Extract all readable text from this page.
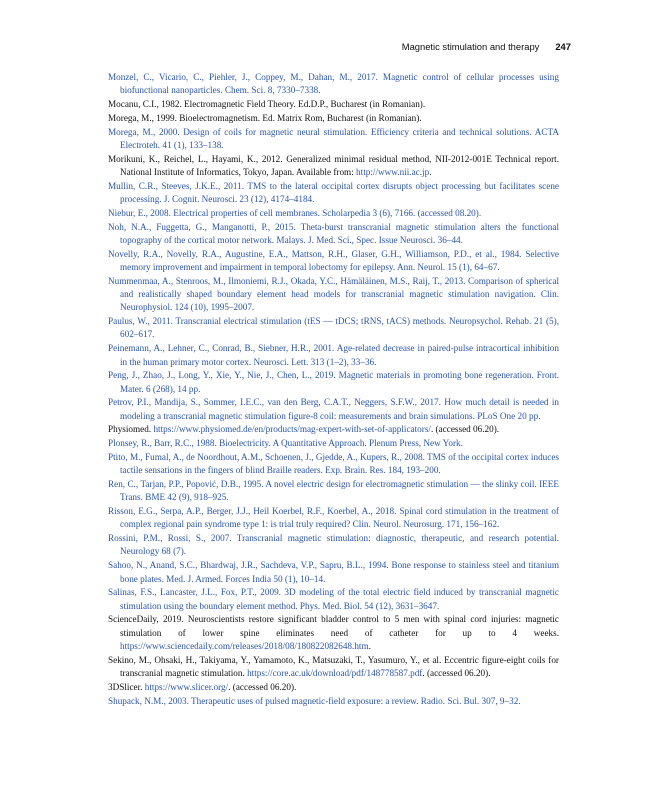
Magnetic stimulation and therapy 247

Monzel, C., Vicario, C., Piehler, J., Coppey, M., Dahan, M., 2017. Magnetic control of cellular processes using biofunctional nanoparticles. Chem. Sci. 8, 7330–7338.

Mocanu, C.I., 1982. Electromagnetic Field Theory. Ed.D.P., Bucharest (in Romanian).

Morega, M., 1999. Bioelectromagnetism. Ed. Matrix Rom, Bucharest (in Romanian).

Morega, M., 2000. Design of coils for magnetic neural stimulation. Efficiency criteria and technical solutions. ACTA Electroteh. 41 (1), 133–138.

Morikuni, K., Reichel, L., Hayami, K., 2012. Generalized minimal residual method, NII-2012-001E Technical report. National Institute of Informatics, Tokyo, Japan. Available from: http://www.nii.ac.jp.

Mullin, C.R., Steeves, J.K.E., 2011. TMS to the lateral occipital cortex disrupts object processing but facilitates scene processing. J. Cognit. Neurosci. 23 (12), 4174–4184.

Niebur, E., 2008. Electrical properties of cell membranes. Scholarpedia 3 (6), 7166. (accessed 08.20).

Noh, N.A., Fuggetta, G., Manganotti, P., 2015. Theta-burst transcranial magnetic stimulation alters the functional topography of the cortical motor network. Malays. J. Med. Sci., Spec. Issue Neurosci. 36–44.

Novelly, R.A., Novelly, R.A., Augustine, E.A., Mattson, R.H., Glaser, G.H., Williamson, P.D., et al., 1984. Selective memory improvement and impairment in temporal lobectomy for epilepsy. Ann. Neurol. 15 (1), 64–67.

Nummenmaa, A., Stenroos, M., Ilmoniemi, R.J., Okada, Y.C., Hämäläinen, M.S., Raij, T., 2013. Comparison of spherical and realistically shaped boundary element head models for transcranial magnetic stimulation navigation. Clin. Neurophysiol. 124 (10), 1995–2007.

Paulus, W., 2011. Transcranial electrical stimulation (tES — tDCS; tRNS, tACS) methods. Neuropsychol. Rehab. 21 (5), 602–617.

Peinemann, A., Lehner, C., Conrad, B., Siebner, H.R., 2001. Age-related decrease in paired-pulse intracortical inhibition in the human primary motor cortex. Neurosci. Lett. 313 (1–2), 33–36.

Peng, J., Zhao, J., Long, Y., Xie, Y., Nie, J., Chen, L., 2019. Magnetic materials in promoting bone regeneration. Front. Mater. 6 (268), 14 pp.

Petrov, P.I., Mandija, S., Sommer, I.E.C., van den Berg, C.A.T., Neggers, S.F.W., 2017. How much detail is needed in modeling a transcranial magnetic stimulation figure-8 coil: measurements and brain simulations. PLoS One 20 pp.

Physiomed. https://www.physiomed.de/en/products/mag-expert-with-set-of-applicators/. (accessed 06.20).

Plonsey, R., Barr, R.C., 1988. Bioelectricity. A Quantitative Approach. Plenum Press, New York.

Ptito, M., Fumal, A., de Noordhout, A.M., Schoenen, J., Gjedde, A., Kupers, R., 2008. TMS of the occipital cortex induces tactile sensations in the fingers of blind Braille readers. Exp. Brain. Res. 184, 193–200.

Ren, C., Tarjan, P.P., Popović, D.B., 1995. A novel electric design for electromagnetic stimulation — the slinky coil. IEEE Trans. BME 42 (9), 918–925.

Risson, E.G., Serpa, A.P., Berger, J.J., Heil Koerbel, R.F., Koerbel, A., 2018. Spinal cord stimulation in the treatment of complex regional pain syndrome type 1: is trial truly required? Clin. Neurol. Neurosurg. 171, 156–162.

Rossini, P.M., Rossi, S., 2007. Transcranial magnetic stimulation: diagnostic, therapeutic, and research potential. Neurology 68 (7).

Sahoo, N., Anand, S.C., Bhardwaj, J.R., Sachdeva, V.P., Sapru, B.L., 1994. Bone response to stainless steel and titanium bone plates. Med. J. Armed. Forces India 50 (1), 10–14.

Salinas, F.S., Lancaster, J.L., Fox, P.T., 2009. 3D modeling of the total electric field induced by transcranial magnetic stimulation using the boundary element method. Phys. Med. Biol. 54 (12), 3631–3647.

ScienceDaily, 2019. Neuroscientists restore significant bladder control to 5 men with spinal cord injuries: magnetic stimulation of lower spine eliminates need of catheter for up to 4 weeks. https://www.sciencedaily.com/releases/2018/08/180822082648.htm.

Sekino, M., Ohsaki, H., Takiyama, Y., Yamamoto, K., Matsuzaki, T., Yasumuro, Y., et al. Eccentric figure-eight coils for transcranial magnetic stimulation. https://core.ac.uk/download/pdf/148778587.pdf. (accessed 06.20).

3DSlicer. https://www.slicer.org/. (accessed 06.20).

Shupack, N.M., 2003. Therapeutic uses of pulsed magnetic-field exposure: a review. Radio. Sci. Bul. 307, 9–32.
